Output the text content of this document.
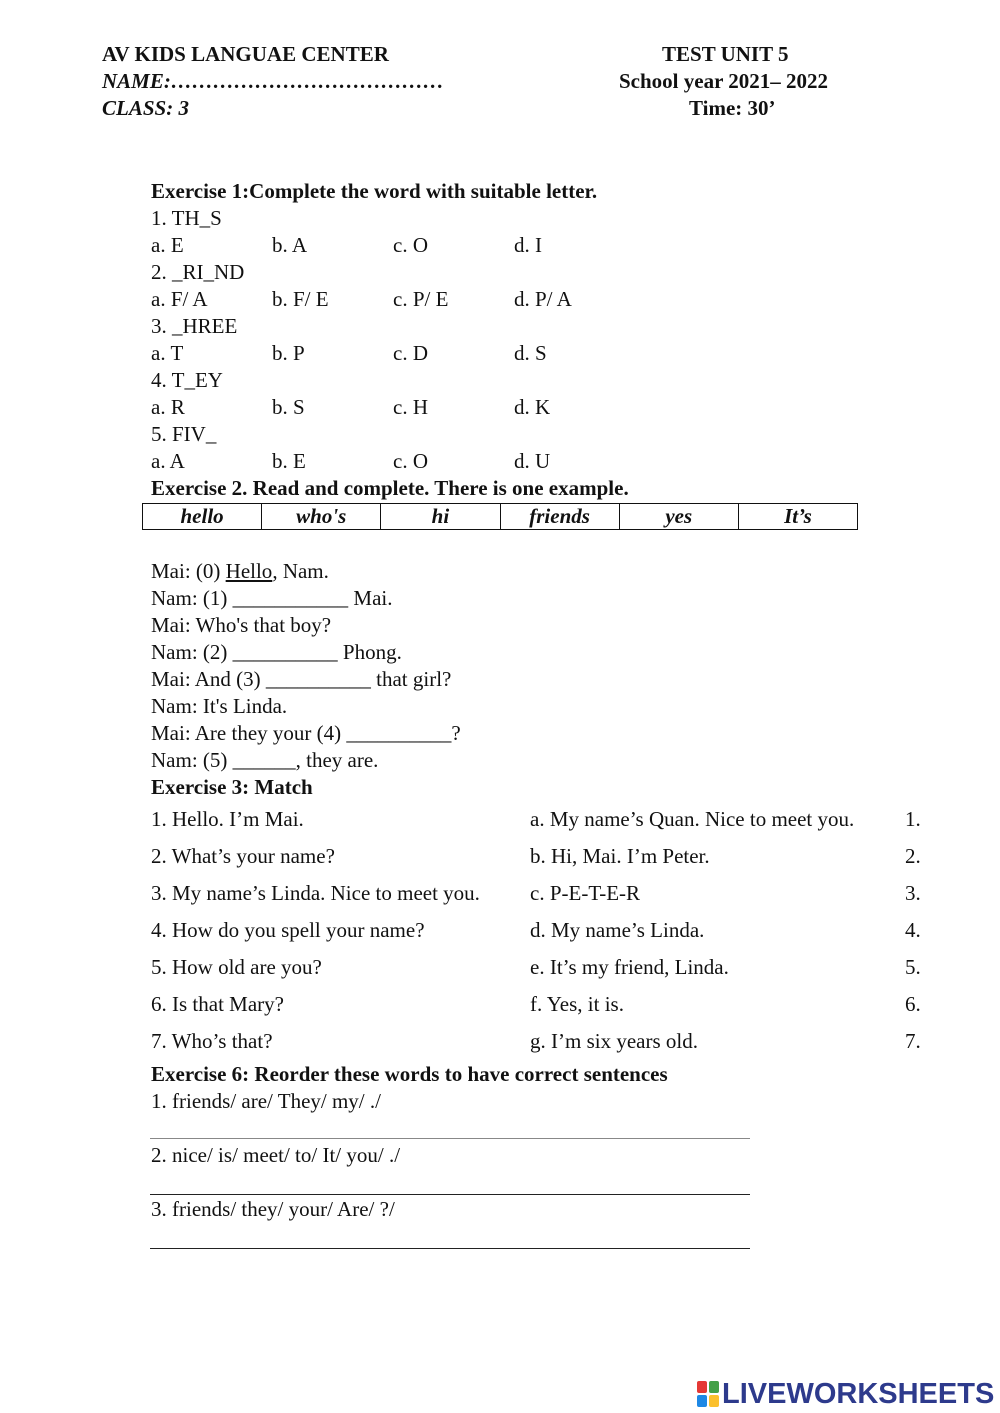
AV KIDS LANGUAE CENTER
NAME:…………………………………
CLASS: 3
TEST UNIT 5
School year 2021– 2022
Time: 30’
Exercise 1:Complete the word with suitable letter.
1. TH_S
a. E	b. A	c. O	d. I
2. _RI_ND
a. F/ A	b. F/ E	c. P/ E	d. P/ A
3. _HREE
a. T	b. P	c. D	d. S
4. T_EY
a. R	b. S	c. H	d. K
5. FIV_
a. A	b. E	c. O	d. U
Exercise 2. Read and complete. There is one example.
hello	who's	hi	friends	yes	It’s
Mai: (0) Hello, Nam.
Nam: (1) ___________ Mai.
Mai: Who's that boy?
Nam: (2) __________ Phong.
Mai: And (3) __________ that girl?
Nam: It's Linda.
Mai: Are they your (4) __________?
Nam: (5) ______, they are.
Exercise 3: Match
1. Hello. I’m Mai.	a. My name’s Quan. Nice to meet you. 1.
2. What’s your name?	b. Hi, Mai. I’m Peter.	2.
3. My name’s Linda. Nice to meet you. c. P-E-T-E-R	3.
4. How do you spell your name?	d. My name’s Linda.	4.
5. How old are you?	e. It’s my friend, Linda.	5.
6. Is that Mary?	f. Yes, it is.	6.
7. Who’s that?	g. I’m six years old.	7.
Exercise 6: Reorder these words to have correct sentences
1. friends/ are/ They/ my/ ./
2. nice/ is/ meet/ to/ It/ you/ ./
3. friends/ they/ your/ Are/ ?/
LIVEWORKSHEETS
